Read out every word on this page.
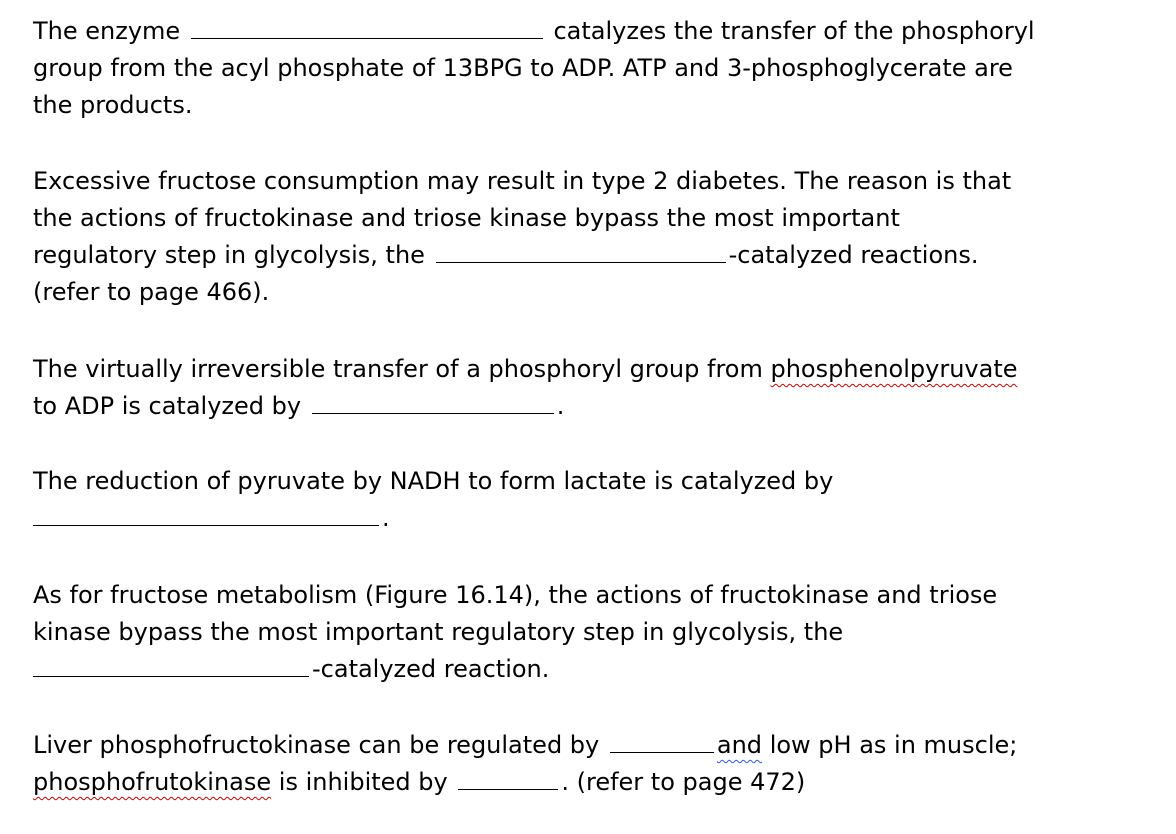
The enzyme	catalyzes the transfer of the phosphoryl
group from the acyl phosphate of 13BPG to ADP. ATP and 3-phosphoglycerate are
the products.
Excessive fructose consumption may result in type 2 diabetes. The reason is that
the actions of fructokinase and triose kinase bypass the most important
regulatory step in glycolysis, the	-catalyzed reactions.
(refer to page 466).
The virtually irreversible transfer of a phosphoryl group from phosphenolpyruvate
to ADP is catalyzed by	.
The reduction of pyruvate by NADH to form lactate is catalyzed by
.
As for fructose metabolism (Figure 16.14), the actions of fructokinase and triose
kinase bypass the most important regulatory step in glycolysis, the
-catalyzed reaction.
Liver phosphofructokinase can be regulated by	and low pH as in muscle;
phosphofrutokinase is inhibited by	. (refer to page 472)
